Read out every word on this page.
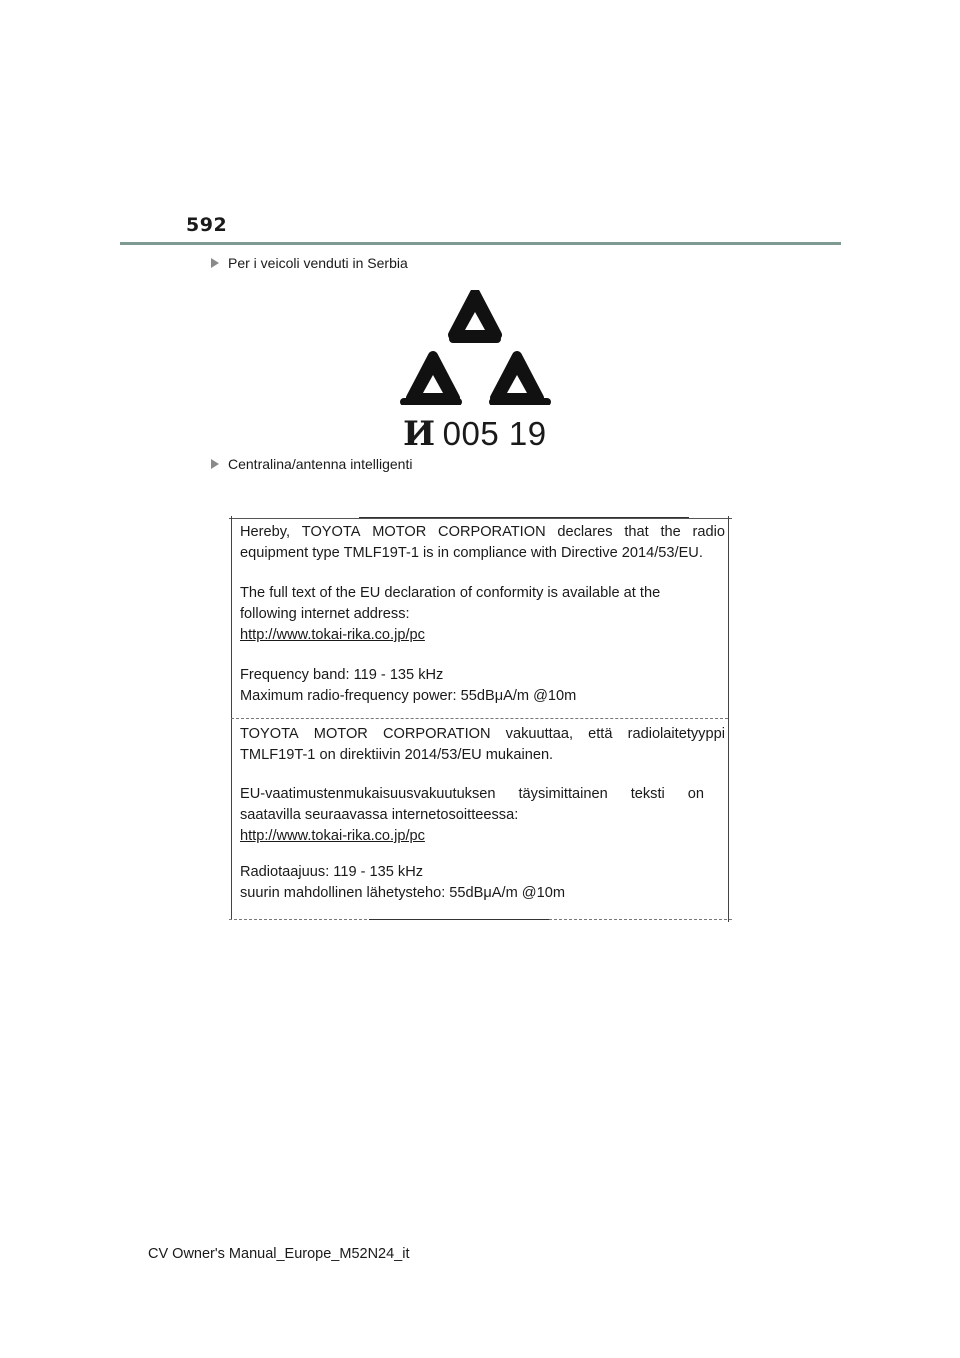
592
Per i veicoli venduti in Serbia
И 005 19
Centralina/antenna intelligenti
Hereby, TOYOTA MOTOR CORPORATION declares that the radio
equipment type TMLF19T-1 is in compliance with Directive 2014/53/EU.
The full text of the EU declaration of conformity is available at the
following internet address:
http://www.tokai-rika.co.jp/pc
Frequency band: 119 - 135 kHz
Maximum radio-frequency power: 55dBμA/m @10m
TOYOTA MOTOR CORPORATION vakuuttaa, että radiolaitetyyppi
TMLF19T-1 on direktiivin 2014/53/EU mukainen.
EU-vaatimustenmukaisuusvakuutuksen täysimittainen teksti on
saatavilla seuraavassa internetosoitteessa:
http://www.tokai-rika.co.jp/pc
Radiotaajuus: 119 - 135 kHz
suurin mahdollinen lähetysteho: 55dBμA/m @10m
CV Owner's Manual_Europe_M52N24_it
